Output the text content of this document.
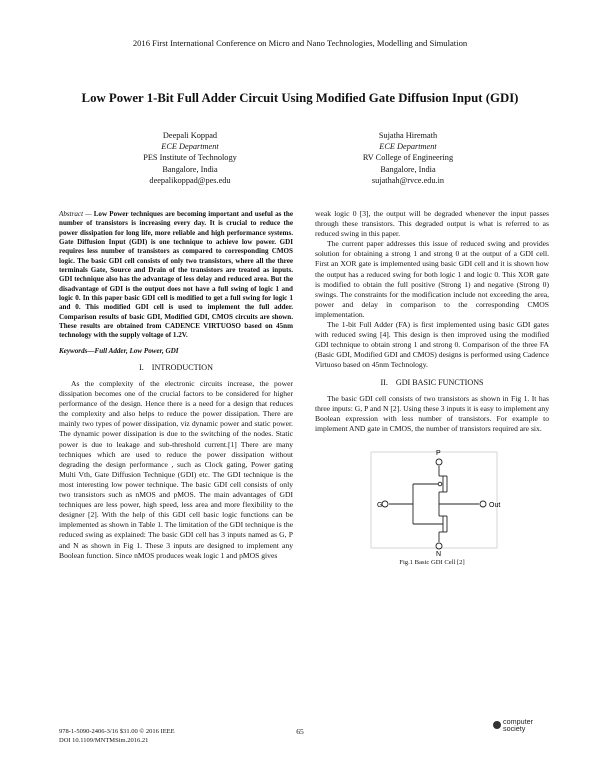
2016 First International Conference on Micro and Nano Technologies, Modelling and Simulation
Low Power 1-Bit Full Adder Circuit Using Modified Gate Diffusion Input (GDI)
Deepali Koppad
ECE Department
PES Institute of Technology
Bangalore, India
deepalikoppad@pes.edu
Sujatha Hiremath
ECE Department
RV College of Engineering
Bangalore, India
sujathah@rvce.edu.in

Abstract — Low Power techniques are becoming important and useful as the number of transistors is increasing every day. It is crucial to reduce the power dissipation for long life, more reliable and high performance systems. Gate Diffusion Input (GDI) is one technique to achieve low power. GDI requires less number of transistors as compared to corresponding CMOS logic. The basic GDI cell consists of only two transistors, where all the three terminals Gate, Source and Drain of the transistors are treated as inputs. GDI technique also has the advantage of less delay and reduced area. But the disadvantage of GDI is the output does not have a full swing of logic 1 and logic 0. In this paper basic GDI cell is modified to get a full swing for logic 1 and 0. This modified GDI cell is used to implement the full adder. Comparison results of basic GDI, Modified GDI, CMOS circuits are shown. These results are obtained from CADENCE VIRTUOSO based on 45nm technology with the supply voltage of 1.2V.

Keywords—Full Adder, Low Power, GDI

I. INTRODUCTION

As the complexity of the electronic circuits increase, the power dissipation becomes one of the crucial factors to be considered for higher performance of the design. Hence there is a need for a design that reduces the complexity and also helps to reduce the power dissipation. There are mainly two types of power dissipation, viz dynamic power and static power. The dynamic power dissipation is due to the switching of the nodes. Static power is due to leakage and sub-threshold current.[1] There are many techniques which are used to reduce the power dissipation without degrading the design performance , such as Clock gating, Power gating Multi Vth, Gate Diffusion Technique (GDI) etc. The GDI technique is the most interesting low power technique. The basic GDI cell consists of only two transistors such as nMOS and pMOS. The main advantages of GDI techniques are less power, high speed, less area and more flexibility to the designer [2]. With the help of this GDI cell basic logic functions can be implemented as shown in Table 1. The limitation of the GDI technique is the reduced swing as explained: The basic GDI cell has 3 inputs named as G, P and N as shown in Fig 1. These 3 inputs are designed to implement any Boolean function. Since nMOS produces weak logic 1 and pMOS gives

weak logic 0 [3], the output will be degraded whenever the input passes through these transistors. This degraded output is what is referred to as reduced swing in this paper.

The current paper addresses this issue of reduced swing and provides solution for obtaining a strong 1 and strong 0 at the output of a GDI cell. First an XOR gate is implemented using basic GDI cell and it is shown how the output has a reduced swing for both logic 1 and logic 0. This XOR gate is modified to obtain the full positive (Strong 1) and negative (Strong 0) swings. The constraints for the modification include not exceeding the area, power and delay in comparison to the corresponding CMOS implementation.

The 1-bit Full Adder (FA) is first implemented using basic GDI gates with reduced swing [4]. This design is then improved using the modified GDI technique to obtain strong 1 and strong 0. Comparison of the three FA (Basic GDI, Modified GDI and CMOS) designs is performed using Cadence Virtuoso based on 45nm Technology.

II. GDI BASIC FUNCTIONS

The basic GDI cell consists of two transistors as shown in Fig 1. It has three inputs: G, P and N [2]. Using these 3 inputs it is easy to implement any Boolean expression with less number of transistors. For example to implement AND gate in CMOS, the number of transistors required are six.

P
G	Out
N

Fig.1 Basic GDI Cell [2]

978-1-5090-2406-3/16 $31.00 © 2016 IEEE
DOI 10.1109/MNTMSim.2016.21
65
computer
society
